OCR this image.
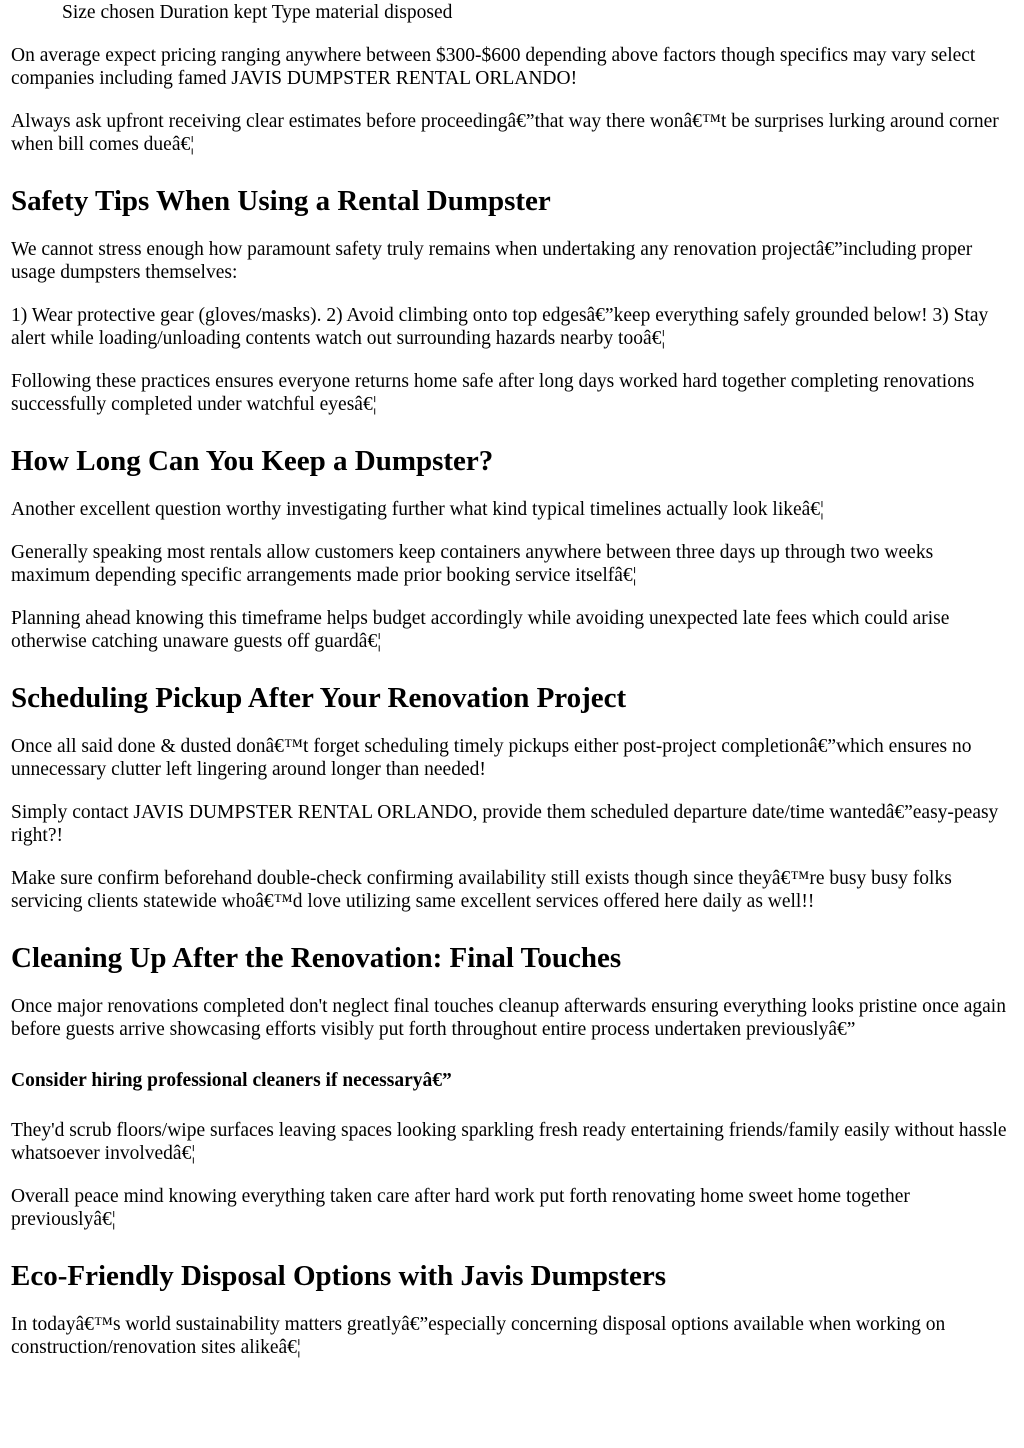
Size chosen Duration kept Type material disposed

On average expect pricing ranging anywhere between $300-$600 depending above factors though specifics may vary select companies including famed JAVIS DUMPSTER RENTAL ORLANDO!

Always ask upfront receiving clear estimates before proceedingâ€”that way there wonâ€™t be surprises lurking around corner when bill comes dueâ€¦

Safety Tips When Using a Rental Dumpster

We cannot stress enough how paramount safety truly remains when undertaking any renovation projectâ€”including proper usage dumpsters themselves:

1) Wear protective gear (gloves/masks). 2) Avoid climbing onto top edgesâ€”keep everything safely grounded below! 3) Stay alert while loading/unloading contents watch out surrounding hazards nearby tooâ€¦

Following these practices ensures everyone returns home safe after long days worked hard together completing renovations successfully completed under watchful eyesâ€¦

How Long Can You Keep a Dumpster?

Another excellent question worthy investigating further what kind typical timelines actually look likeâ€¦

Generally speaking most rentals allow customers keep containers anywhere between three days up through two weeks maximum depending specific arrangements made prior booking service itselfâ€¦

Planning ahead knowing this timeframe helps budget accordingly while avoiding unexpected late fees which could arise otherwise catching unaware guests off guardâ€¦

Scheduling Pickup After Your Renovation Project

Once all said done & dusted donâ€™t forget scheduling timely pickups either post-project completionâ€”which ensures no unnecessary clutter left lingering around longer than needed!

Simply contact JAVIS DUMPSTER RENTAL ORLANDO, provide them scheduled departure date/time wantedâ€”easy-peasy right?!

Make sure confirm beforehand double-check confirming availability still exists though since theyâ€™re busy busy folks servicing clients statewide whoâ€™d love utilizing same excellent services offered here daily as well!!

Cleaning Up After the Renovation: Final Touches

Once major renovations completed don't neglect final touches cleanup afterwards ensuring everything looks pristine once again before guests arrive showcasing efforts visibly put forth throughout entire process undertaken previouslyâ€”

Consider hiring professional cleaners if necessaryâ€”

They'd scrub floors/wipe surfaces leaving spaces looking sparkling fresh ready entertaining friends/family easily without hassle whatsoever involvedâ€¦

Overall peace mind knowing everything taken care after hard work put forth renovating home sweet home together previouslyâ€¦

Eco-Friendly Disposal Options with Javis Dumpsters

In todayâ€™s world sustainability matters greatlyâ€”especially concerning disposal options available when working on construction/renovation sites alikeâ€¦
